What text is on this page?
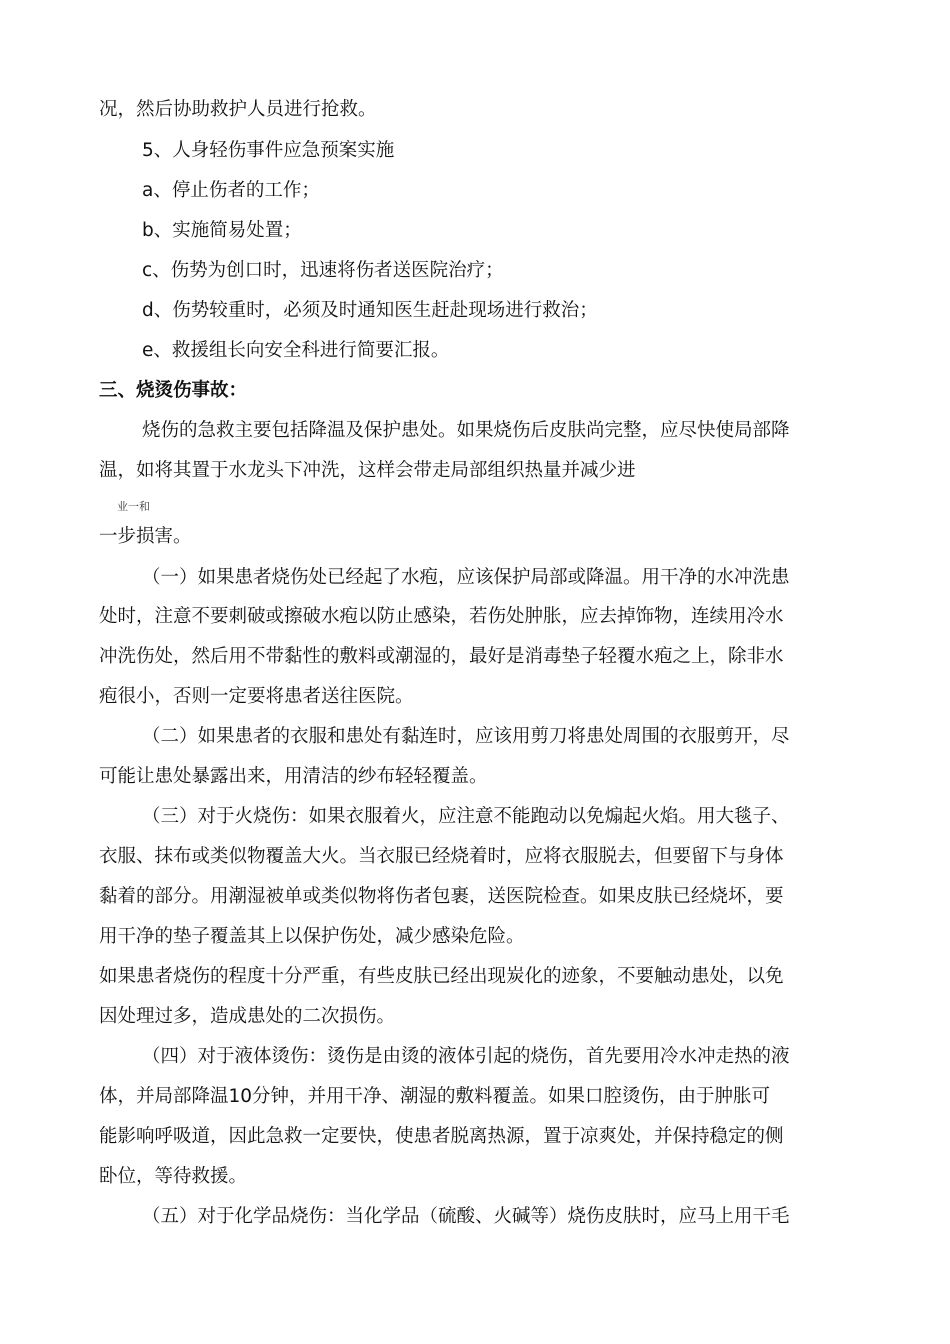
况，然后协助救护人员进行抢救。

5、人身轻伤事件应急预案实施

a、停止伤者的工作；

b、实施简易处置；

c、伤势为创口时，迅速将伤者送医院治疗；

d、伤势较重时，必须及时通知医生赶赴现场进行救治；

e、救援组长向安全科进行简要汇报。

三、烧烫伤事故：

烧伤的急救主要包括降温及保护患处。如果烧伤后皮肤尚完整，应尽快使局部降

温，如将其置于水龙头下冲洗，这样会带走局部组织热量并减少进

业一和

一步损害。

（一）如果患者烧伤处已经起了水疱，应该保护局部或降温。用干净的水冲洗患

处时，注意不要刺破或擦破水疱以防止感染，若伤处肿胀，应去掉饰物，连续用冷水

冲洗伤处，然后用不带黏性的敷料或潮湿的，最好是消毒垫子轻覆水疱之上，除非水

疱很小，否则一定要将患者送往医院。

（二）如果患者的衣服和患处有黏连时，应该用剪刀将患处周围的衣服剪开，尽

可能让患处暴露出来，用清洁的纱布轻轻覆盖。

（三）对于火烧伤：如果衣服着火，应注意不能跑动以免煽起火焰。用大毯子、

衣服、抹布或类似物覆盖大火。当衣服已经烧着时，应将衣服脱去，但要留下与身体

黏着的部分。用潮湿被单或类似物将伤者包裹，送医院检查。如果皮肤已经烧坏，要

用干净的垫子覆盖其上以保护伤处，减少感染危险。

如果患者烧伤的程度十分严重，有些皮肤已经出现炭化的迹象，不要触动患处，以免

因处理过多，造成患处的二次损伤。

（四）对于液体烫伤：烫伤是由烫的液体引起的烧伤，首先要用冷水冲走热的液

体，并局部降温10分钟，并用干净、潮湿的敷料覆盖。如果口腔烫伤，由于肿胀可

能影响呼吸道，因此急救一定要快，使患者脱离热源，置于凉爽处，并保持稳定的侧

卧位，等待救援。

（五）对于化学品烧伤：当化学品（硫酸、火碱等）烧伤皮肤时，应马上用干毛
